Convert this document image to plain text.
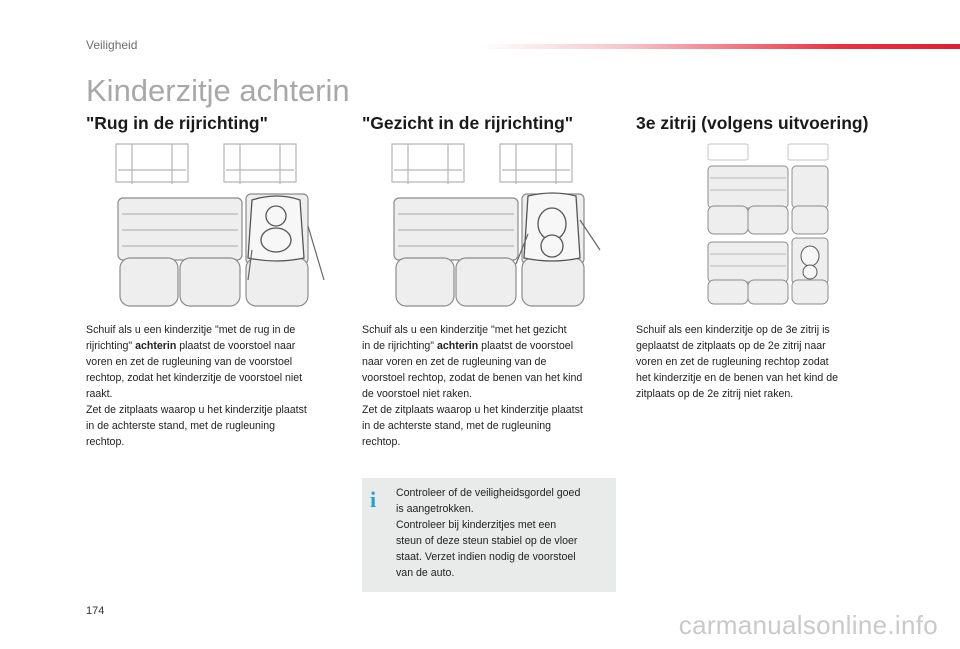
Veiligheid
Kinderzitje achterin
"Rug in de rijrichting"
Schuif als u een kinderzitje "met de rug in de
rijrichting" achterin plaatst de voorstoel naar
voren en zet de rugleuning van de voorstoel
rechtop, zodat het kinderzitje de voorstoel niet
raakt.
Zet de zitplaats waarop u het kinderzitje plaatst
in de achterste stand, met de rugleuning
rechtop.
"Gezicht in de rijrichting"
Schuif als u een kinderzitje "met het gezicht
in de rijrichting" achterin plaatst de voorstoel
naar voren en zet de rugleuning van de
voorstoel rechtop, zodat de benen van het kind
de voorstoel niet raken.
Zet de zitplaats waarop u het kinderzitje plaatst
in de achterste stand, met de rugleuning
rechtop.
3e zitrij (volgens uitvoering)
Schuif als een kinderzitje op de 3e zitrij is
geplaatst de zitplaats op de 2e zitrij naar
voren en zet de rugleuning rechtop zodat
het kinderzitje en de benen van het kind de
zitplaats op de 2e zitrij niet raken.
i Controleer of de veiligheidsgordel goed
is aangetrokken.
Controleer bij kinderzitjes met een
steun of deze steun stabiel op de vloer
staat. Verzet indien nodig de voorstoel
van de auto.
174	carmanualsonline.info
